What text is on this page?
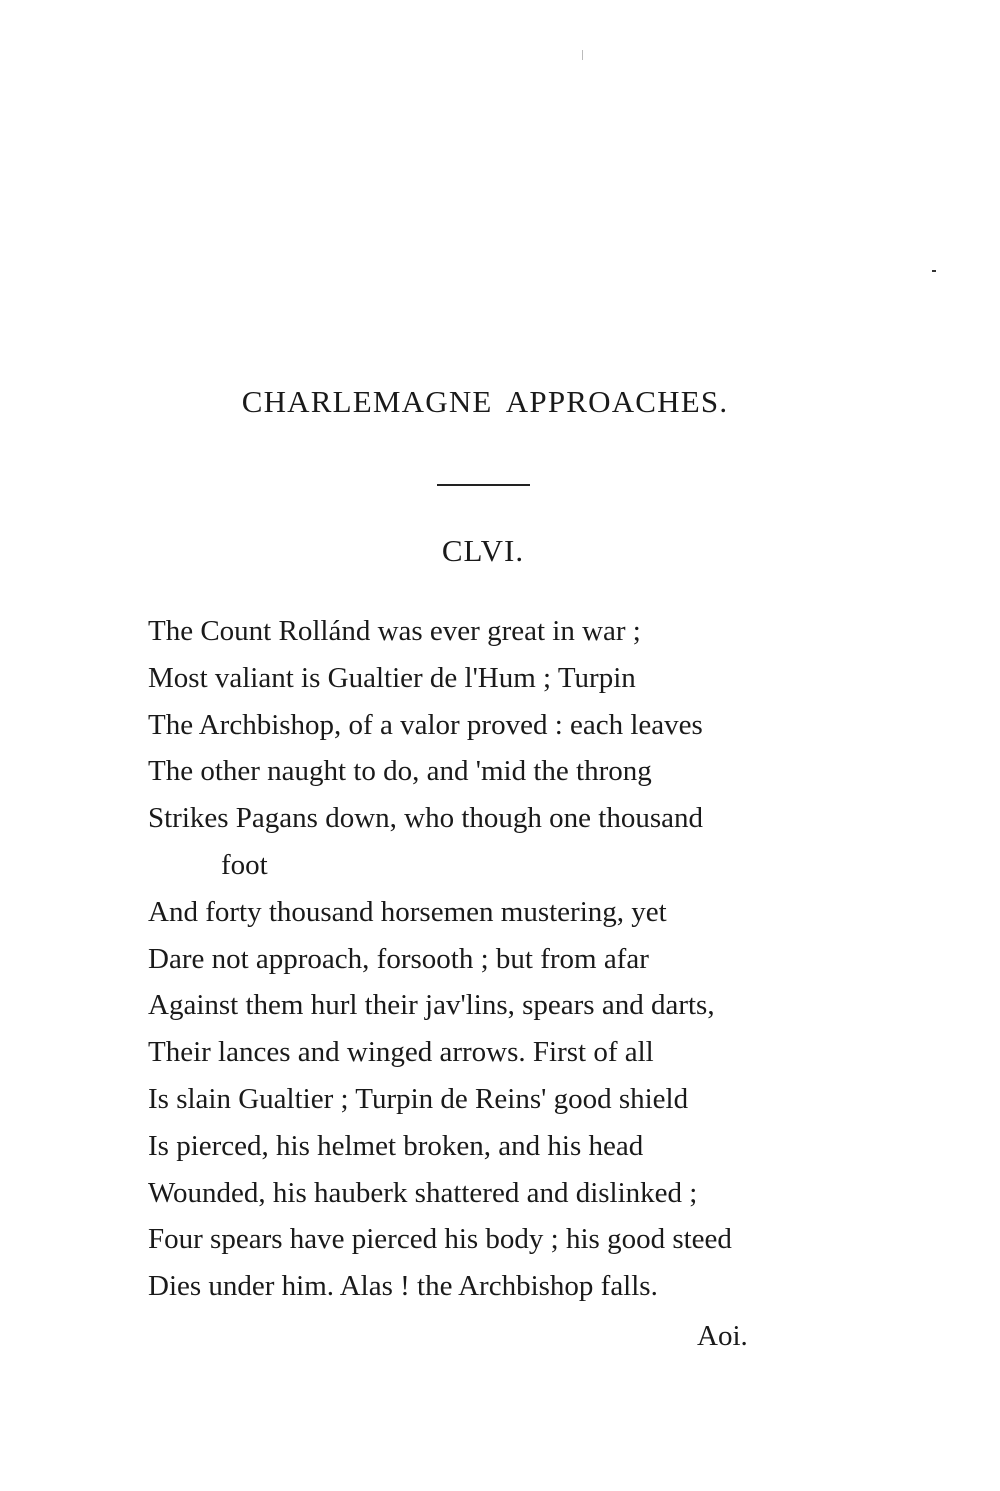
CHARLEMAGNE APPROACHES.
CLVI.
The Count Rollánd was ever great in war ;
Most valiant is Gualtier de l'Hum ; Turpin
The Archbishop, of a valor proved : each leaves
The other naught to do, and 'mid the throng
Strikes Pagans down, who though one thousand
foot
And forty thousand horsemen mustering, yet
Dare not approach, forsooth ; but from afar
Against them hurl their jav'lins, spears and darts,
Their lances and winged arrows. First of all
Is slain Gualtier ; Turpin de Reins' good shield
Is pierced, his helmet broken, and his head
Wounded, his hauberk shattered and dislinked ;
Four spears have pierced his body ; his good steed
Dies under him. Alas ! the Archbishop falls.
Aoi.
